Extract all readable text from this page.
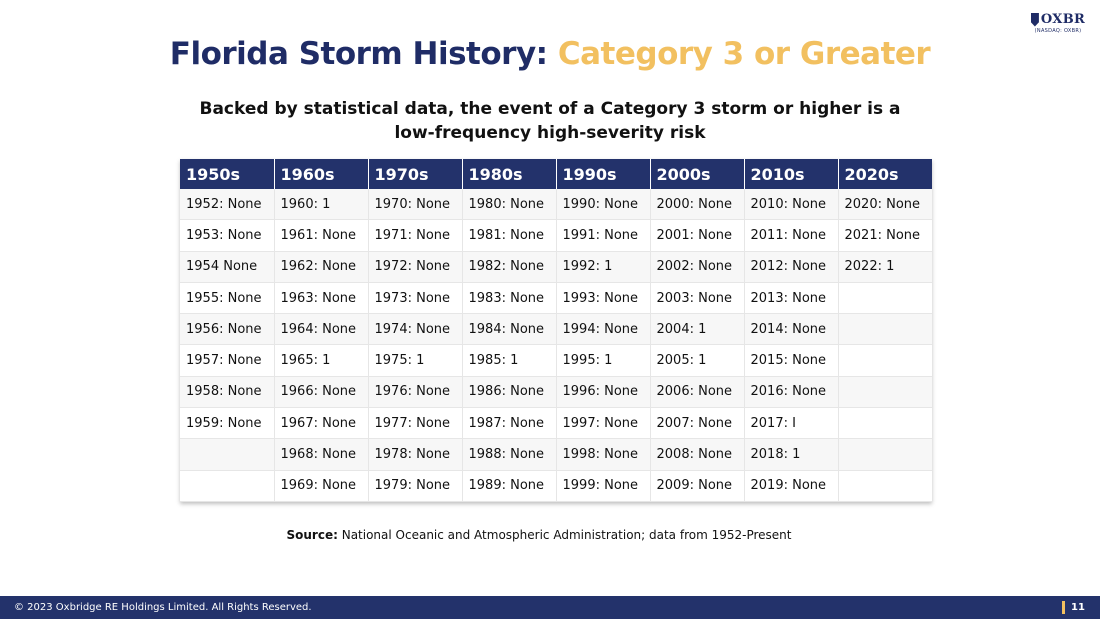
OXBR
(NASDAQ: OXBR)
Florida Storm History: Category 3 or Greater
Backed by statistical data, the event of a Category 3 storm or higher is a
low-frequency high-severity risk
1950s	1960s	1970s	1980s	1990s	2000s	2010s	2020s
1952: None	1960: 1	1970: None	1980: None	1990: None	2000: None	2010: None	2020: None
1953: None	1961: None	1971: None	1981: None	1991: None	2001: None	2011: None	2021: None
1954 None	1962: None	1972: None	1982: None	1992: 1	2002: None	2012: None	2022: 1
1955: None	1963: None	1973: None	1983: None	1993: None	2003: None	2013: None	
1956: None	1964: None	1974: None	1984: None	1994: None	2004: 1	2014: None	
1957: None	1965: 1	1975: 1	1985: 1	1995: 1	2005: 1	2015: None	
1958: None	1966: None	1976: None	1986: None	1996: None	2006: None	2016: None	
1959: None	1967: None	1977: None	1987: None	1997: None	2007: None	2017: I	
	1968: None	1978: None	1988: None	1998: None	2008: None	2018: 1	
	1969: None	1979: None	1989: None	1999: None	2009: None	2019: None	
Source: National Oceanic and Atmospheric Administration; data from 1952-Present
© 2023 Oxbridge RE Holdings Limited. All Rights Reserved.	11
